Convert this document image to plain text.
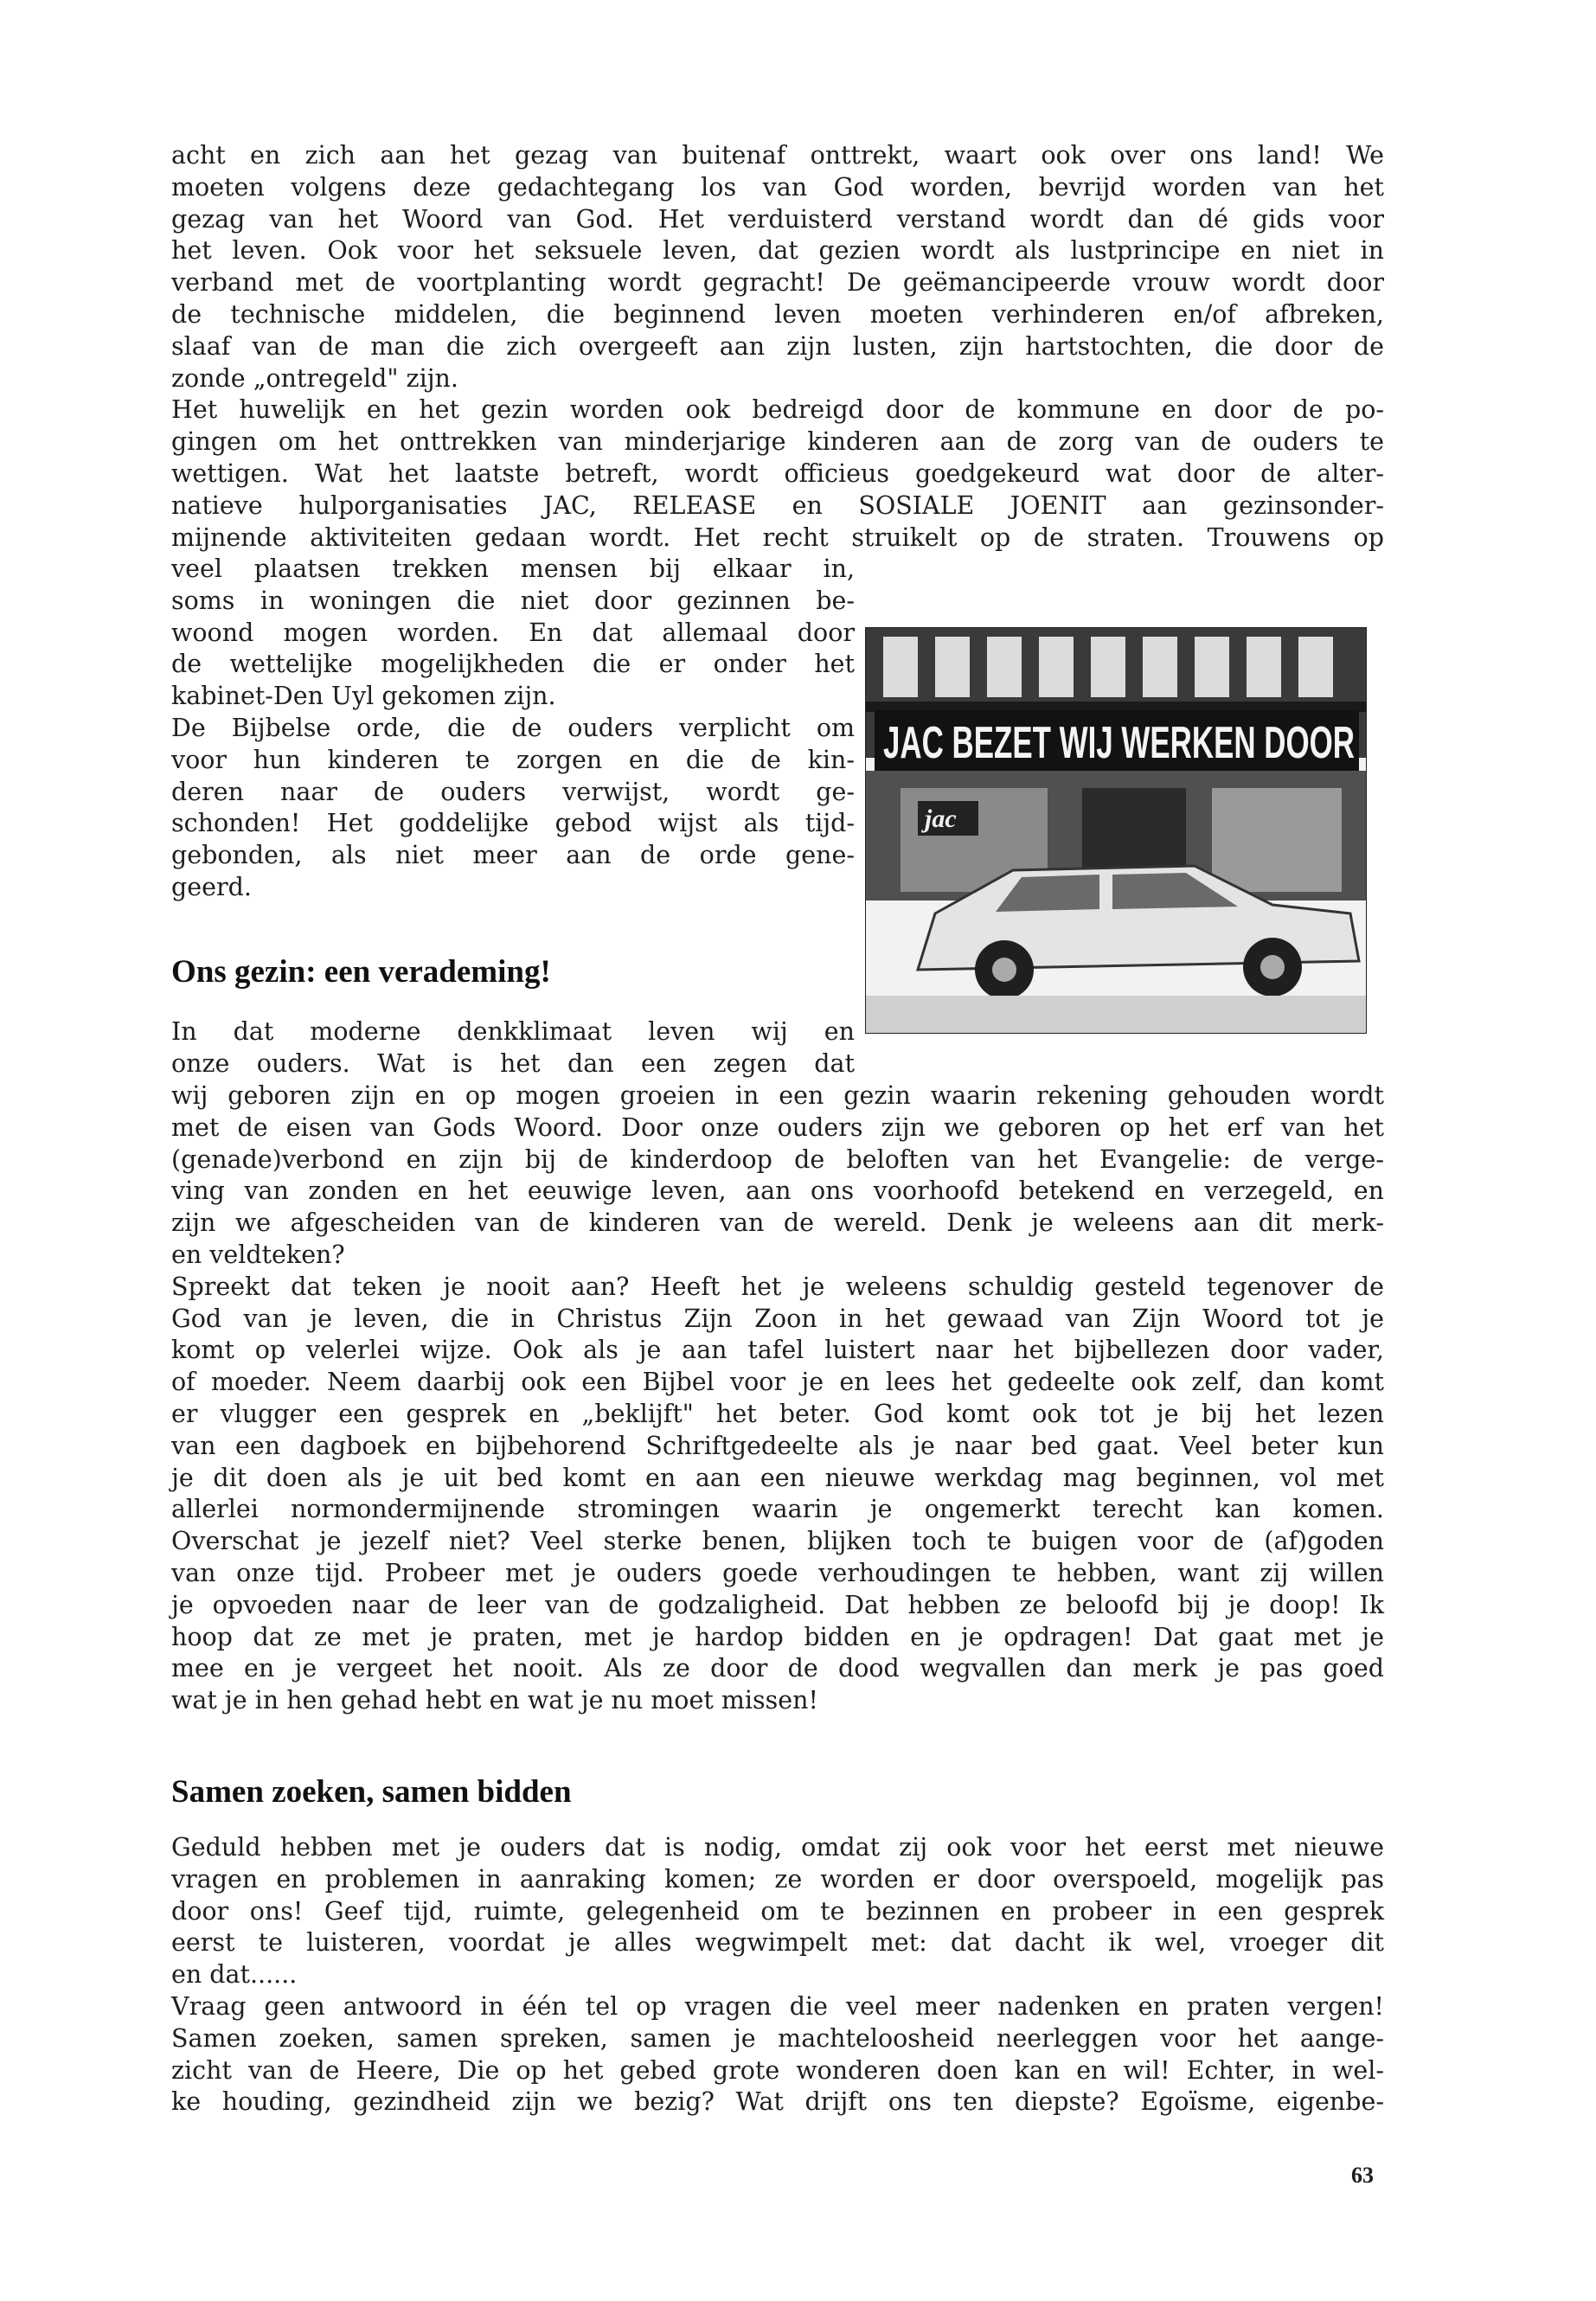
acht en zich aan het gezag van buitenaf onttrekt, waart ook over ons land! We
moeten volgens deze gedachtegang los van God worden, bevrijd worden van het
gezag van het Woord van God. Het verduisterd verstand wordt dan dé gids voor
het leven. Ook voor het seksuele leven, dat gezien wordt als lustprincipe en niet in
verband met de voortplanting wordt gegracht! De geëmancipeerde vrouw wordt door
de technische middelen, die beginnend leven moeten verhinderen en/of afbreken,
slaaf van de man die zich overgeeft aan zijn lusten, zijn hartstochten, die door de
zonde „ontregeld" zijn.
Het huwelijk en het gezin worden ook bedreigd door de kommune en door de po-
gingen om het onttrekken van minderjarige kinderen aan de zorg van de ouders te
wettigen. Wat het laatste betreft, wordt officieus goedgekeurd wat door de alter-
natieve hulporganisaties JAC, RELEASE en SOSIALE JOENIT aan gezinsonder-
mijnende aktiviteiten gedaan wordt. Het recht struikelt op de straten. Trouwens op
veel plaatsen trekken mensen bij elkaar in,
soms in woningen die niet door gezinnen be-
woond mogen worden. En dat allemaal door
de wettelijke mogelijkheden die er onder het
kabinet-Den Uyl gekomen zijn.
De Bijbelse orde, die de ouders verplicht om
voor hun kinderen te zorgen en die de kin-
deren naar de ouders verwijst, wordt ge-
schonden! Het goddelijke gebod wijst als tijd-
gebonden, als niet meer aan de orde gene-
geerd.
JAC BEZET WIJ WERKEN DOOR
jac
Ons gezin: een verademing!
In dat moderne denkklimaat leven wij en
onze ouders. Wat is het dan een zegen dat
wij geboren zijn en op mogen groeien in een gezin waarin rekening gehouden wordt
met de eisen van Gods Woord. Door onze ouders zijn we geboren op het erf van het
(genade)verbond en zijn bij de kinderdoop de beloften van het Evangelie: de verge-
ving van zonden en het eeuwige leven, aan ons voorhoofd betekend en verzegeld, en
zijn we afgescheiden van de kinderen van de wereld. Denk je weleens aan dit merk-
en veldteken?
Spreekt dat teken je nooit aan? Heeft het je weleens schuldig gesteld tegenover de
God van je leven, die in Christus Zijn Zoon in het gewaad van Zijn Woord tot je
komt op velerlei wijze. Ook als je aan tafel luistert naar het bijbellezen door vader,
of moeder. Neem daarbij ook een Bijbel voor je en lees het gedeelte ook zelf, dan komt
er vlugger een gesprek en „beklijft" het beter. God komt ook tot je bij het lezen
van een dagboek en bijbehorend Schriftgedeelte als je naar bed gaat. Veel beter kun
je dit doen als je uit bed komt en aan een nieuwe werkdag mag beginnen, vol met
allerlei normondermijnende stromingen waarin je ongemerkt terecht kan komen.
Overschat je jezelf niet? Veel sterke benen, blijken toch te buigen voor de (af)goden
van onze tijd. Probeer met je ouders goede verhoudingen te hebben, want zij willen
je opvoeden naar de leer van de godzaligheid. Dat hebben ze beloofd bij je doop! Ik
hoop dat ze met je praten, met je hardop bidden en je opdragen! Dat gaat met je
mee en je vergeet het nooit. Als ze door de dood wegvallen dan merk je pas goed
wat je in hen gehad hebt en wat je nu moet missen!
Samen zoeken, samen bidden
Geduld hebben met je ouders dat is nodig, omdat zij ook voor het eerst met nieuwe
vragen en problemen in aanraking komen; ze worden er door overspoeld, mogelijk pas
door ons! Geef tijd, ruimte, gelegenheid om te bezinnen en probeer in een gesprek
eerst te luisteren, voordat je alles wegwimpelt met: dat dacht ik wel, vroeger dit
en dat......
Vraag geen antwoord in één tel op vragen die veel meer nadenken en praten vergen!
Samen zoeken, samen spreken, samen je machteloosheid neerleggen voor het aange-
zicht van de Heere, Die op het gebed grote wonderen doen kan en wil! Echter, in wel-
ke houding, gezindheid zijn we bezig? Wat drijft ons ten diepste? Egoïsme, eigenbe-
63
